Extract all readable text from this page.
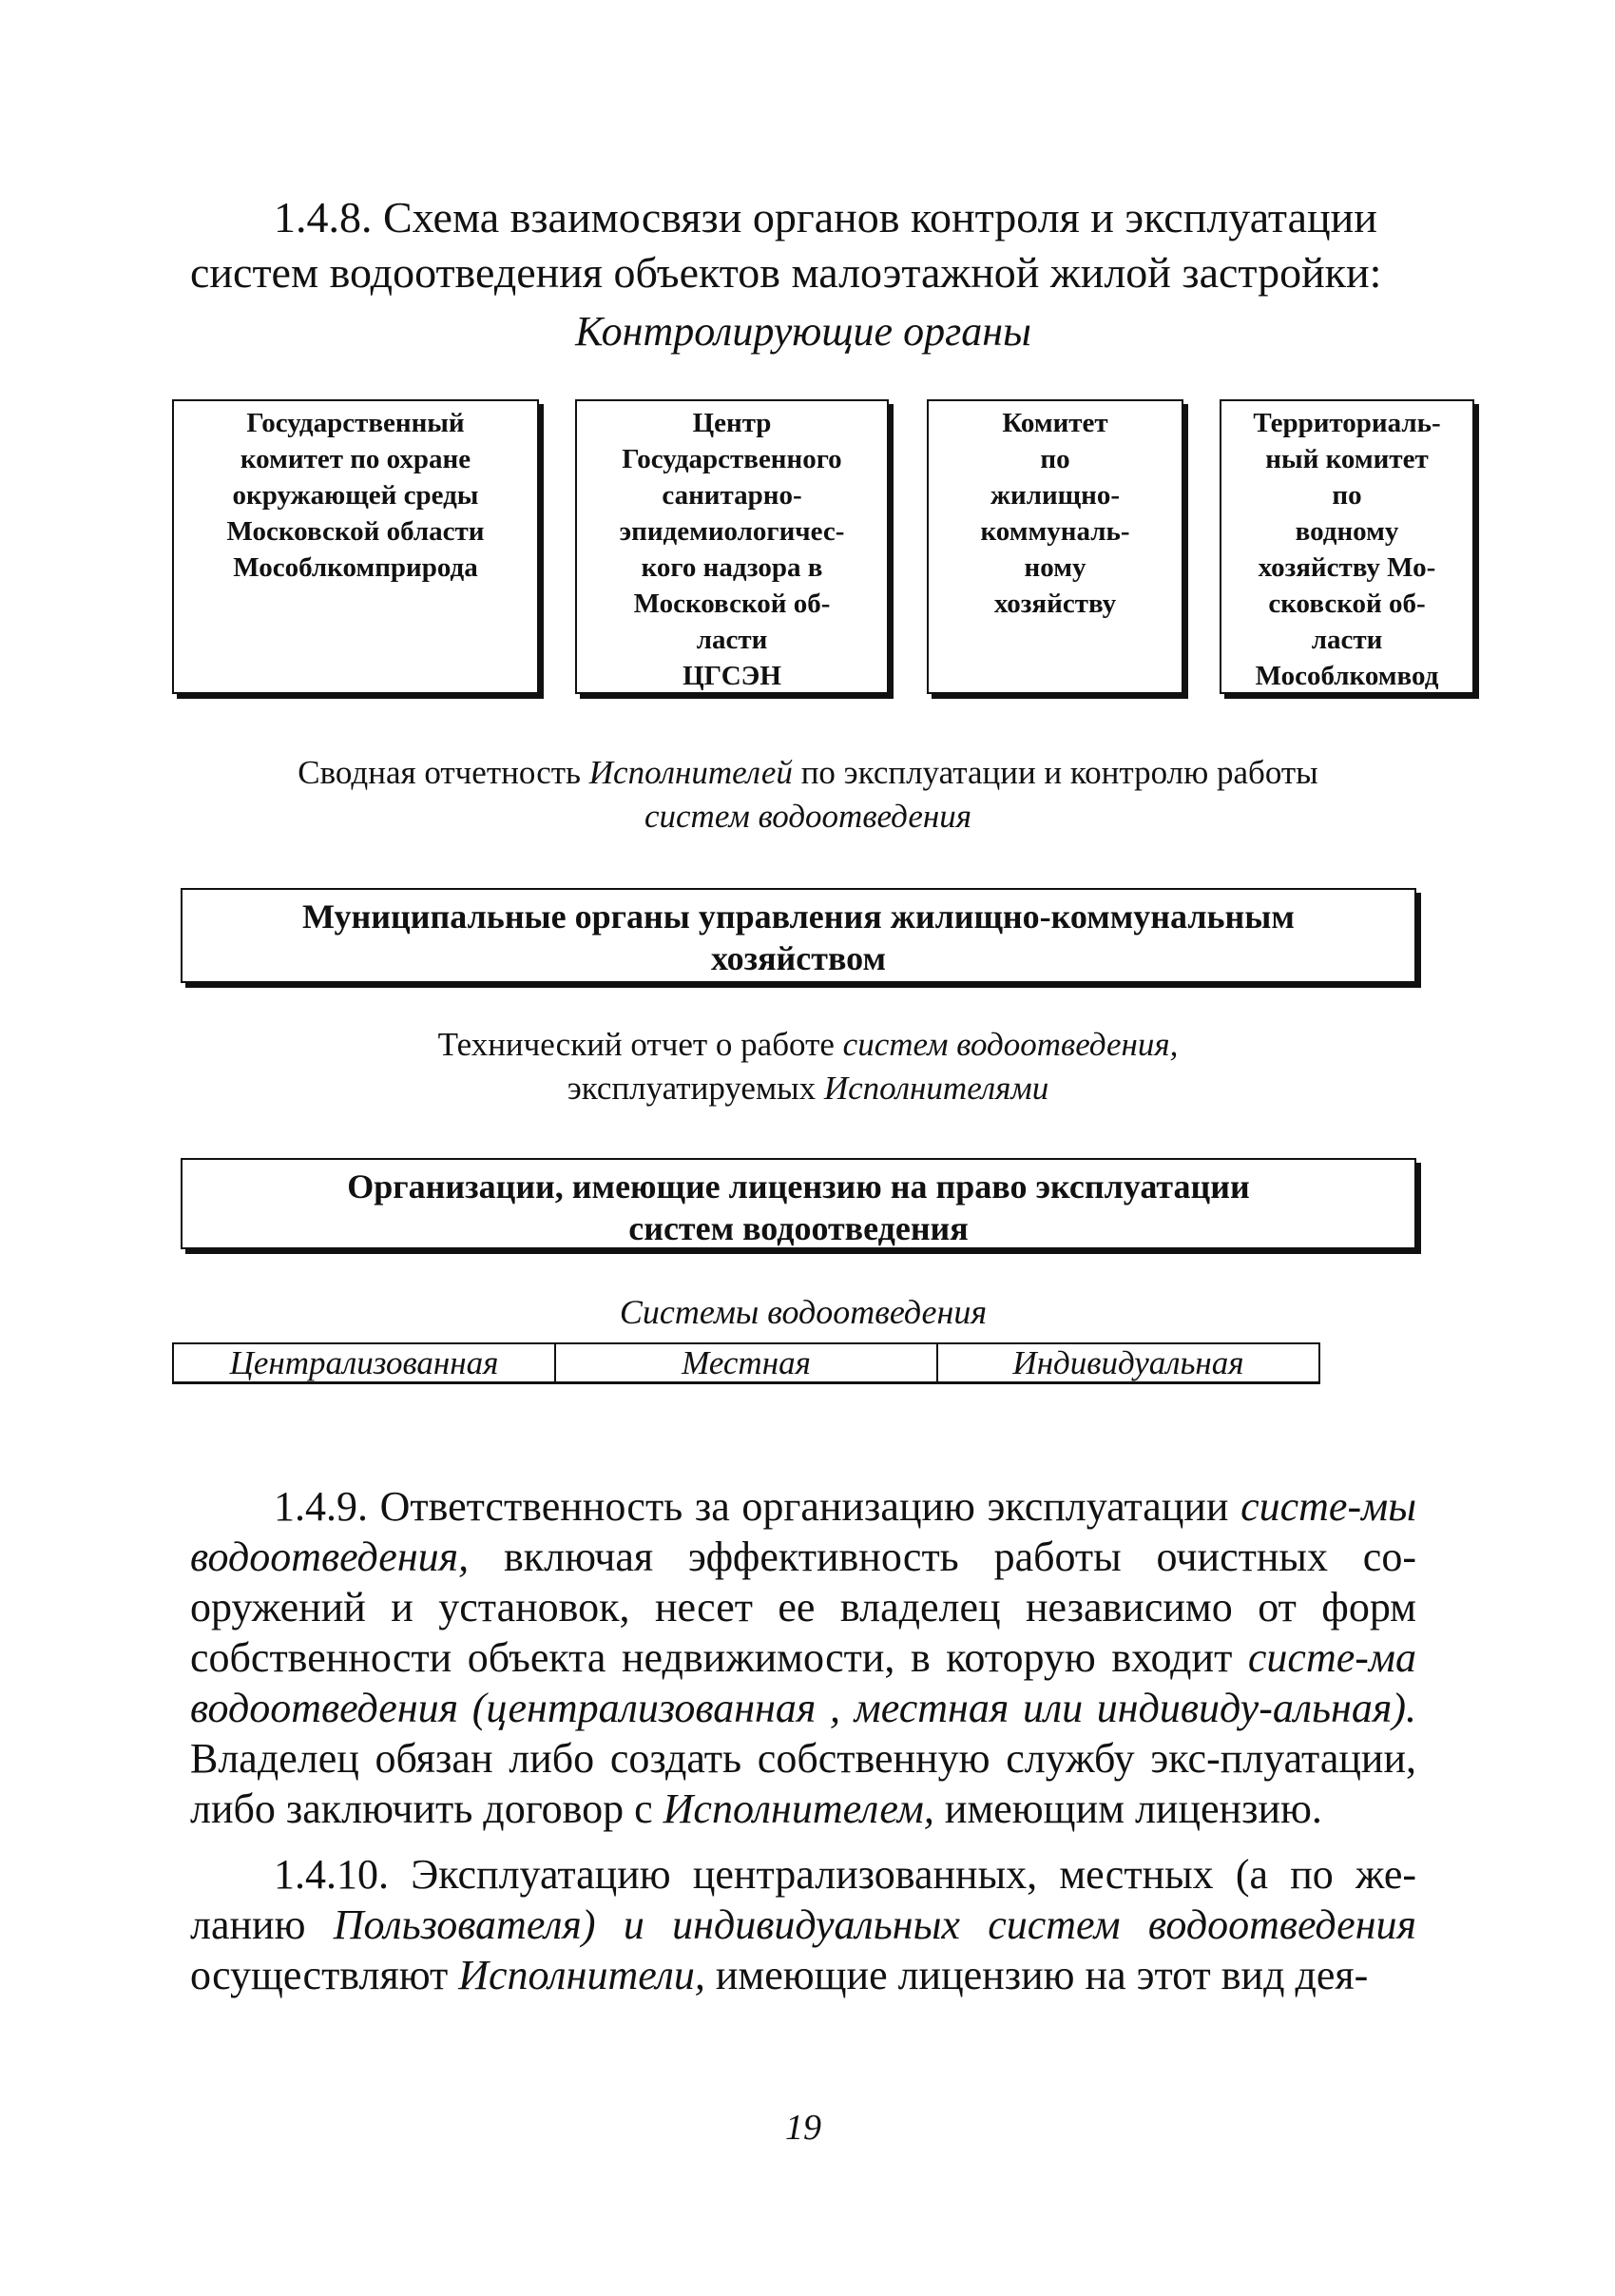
1.4.8. Схема взаимосвязи органов контроля и эксплуатации
систем водоотведения объектов малоэтажной жилой застройки:
Контролирующие органы
Государственный
комитет по охране
окружающей среды
Московской области
Мособлкомприрода
Центр
Государственного
санитарно-
эпидемиологичес-
кого надзора в
Московской об-
ласти
ЦГСЭН
Комитет
по
жилищно-
коммуналь-
ному
хозяйству
Территориаль-
ный комитет
по
водному
хозяйству Мо-
сковской об-
ласти
Мособлкомвод
Сводная отчетность Исполнителей по эксплуатации и контролю работы
систем водоотведения
Муниципальные органы управления жилищно-коммунальным
хозяйством
Технический отчет о работе систем водоотведения,
эксплуатируемых Исполнителями
Организации, имеющие лицензию на право эксплуатации
систем водоотведения
Системы водоотведения
Централизованная	Местная	Индивидуальная

1.4.9. Ответственность за организацию эксплуатации систе-мы водоотведения, включая эффективность работы очистных со-оружений и установок, несет ее владелец независимо от форм собственности объекта недвижимости, в которую входит систе-ма водоотведения (централизованная , местная или индивиду-альная). Владелец обязан либо создать собственную службу экс-плуатации, либо заключить договор с Исполнителем, имеющим лицензию.

1.4.10. Эксплуатацию централизованных, местных (а по же-ланию Пользователя) и индивидуальных систем водоотведения осуществляют Исполнители, имеющие лицензию на этот вид дея-

19
